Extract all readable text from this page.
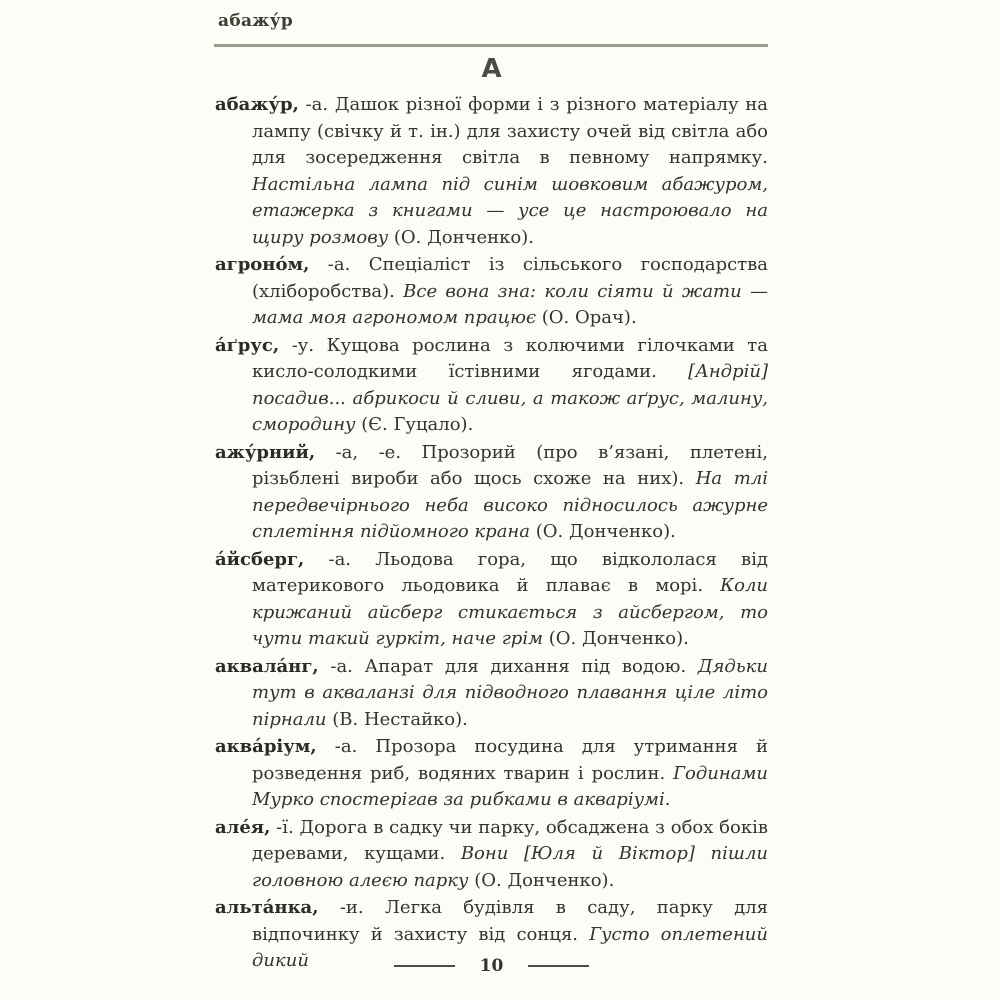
абажу́р
А

абажу́р, -а. Дашок різної форми і з різного матеріалу на лампу (свічку й т. ін.) для захисту очей від світла або для зосередження світла в певному напрямку. Настільна лампа під синім шовковим абажуром, етажерка з книгами — усе це настроювало на щиру розмову (О. Донченко).

агроно́м, -а. Спеціаліст із сільського господарства (хліборобства). Все вона зна: коли сіяти й жати — мама моя агрономом працює (О. Орач).

а́ґрус, -у. Кущова рослина з колючими гілочками та кисло-солодкими їстівними ягодами. [Андрій] посадив... абрикоси й сливи, а також аґрус, малину, смородину (Є. Гуцало).

ажу́рний, -а, -е. Прозорий (про в’язані, плетені, різьблені вироби або щось схоже на них). На тлі передвечірнього неба високо підносилось ажурне сплетіння підйомного крана (О. Донченко).

а́йсберг, -а. Льодова гора, що відкололася від материкового льодовика й плаває в морі. Коли крижаний айсберг стикається з айсбергом, то чути такий гуркіт, наче грім (О. Донченко).

аквала́нг, -а. Апарат для дихання під водою. Дядьки тут в акваланзі для підводного плавання ціле літо пірнали (В. Нестайко).

аква́ріум, -а. Прозора посудина для утримання й розведення риб, водяних тварин і рослин. Годинами Мурко спостерігав за рибками в акваріумі.

але́я, -ї. Дорога в садку чи парку, обсаджена з обох боків деревами, кущами. Вони [Юля й Віктор] пішли головною алеєю парку (О. Донченко).

альта́нка, -и. Легка будівля в саду, парку для відпочинку й захисту від сонця. Густо оплетений дикий	10
